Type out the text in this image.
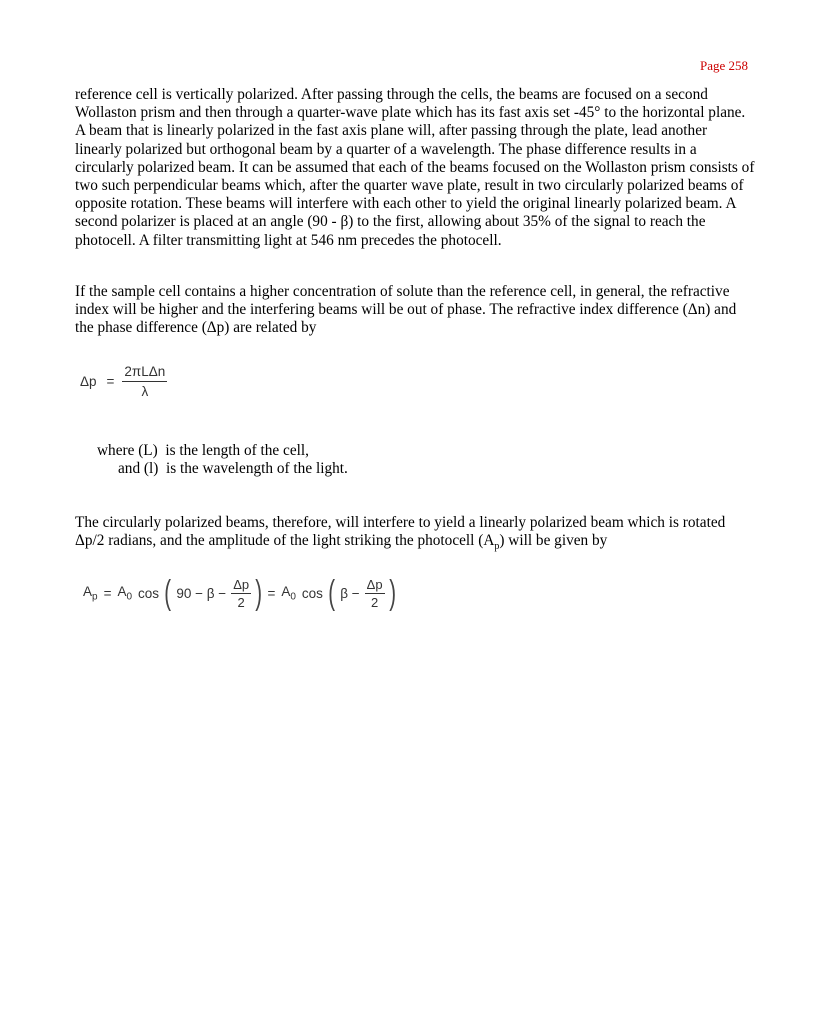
Page 258

reference cell is vertically polarized. After passing through the cells, the beams are focused on a second Wollaston prism and then through a quarter-wave plate which has its fast axis set -45° to the horizontal plane. A beam that is linearly polarized in the fast axis plane will, after passing through the plate, lead another linearly polarized but orthogonal beam by a quarter of a wavelength. The phase difference results in a circularly polarized beam. It can be assumed that each of the beams focused on the Wollaston prism consists of two such perpendicular beams which, after the quarter wave plate, result in two circularly polarized beams of opposite rotation. These beams will interfere with each other to yield the original linearly polarized beam. A second polarizer is placed at an angle (90 - β) to the first, allowing about 35% of the signal to reach the photocell. A filter transmitting light at 546 nm precedes the photocell.

If the sample cell contains a higher concentration of solute than the reference cell, in general, the refractive index will be higher and the interfering beams will be out of phase. The refractive index difference (Δn) and the phase difference (Δp) are related by

$\Delta p = \frac{\text{2πLΔn}}{\lambda}$
where (L)  is the length of the cell,
and (l)  is the wavelength of the light.

The circularly polarized beams, therefore, will interfere to yield a linearly polarized beam which is rotated Δp/2 radians, and the amplitude of the light striking the photocell $(A_p)$ will be given by

$A_p = A_0$ cos ( $90 - \beta - \frac{\Delta p}{2}$ ) = $A_0$ cos ( $\beta - \frac{\Delta p}{2}$ )
